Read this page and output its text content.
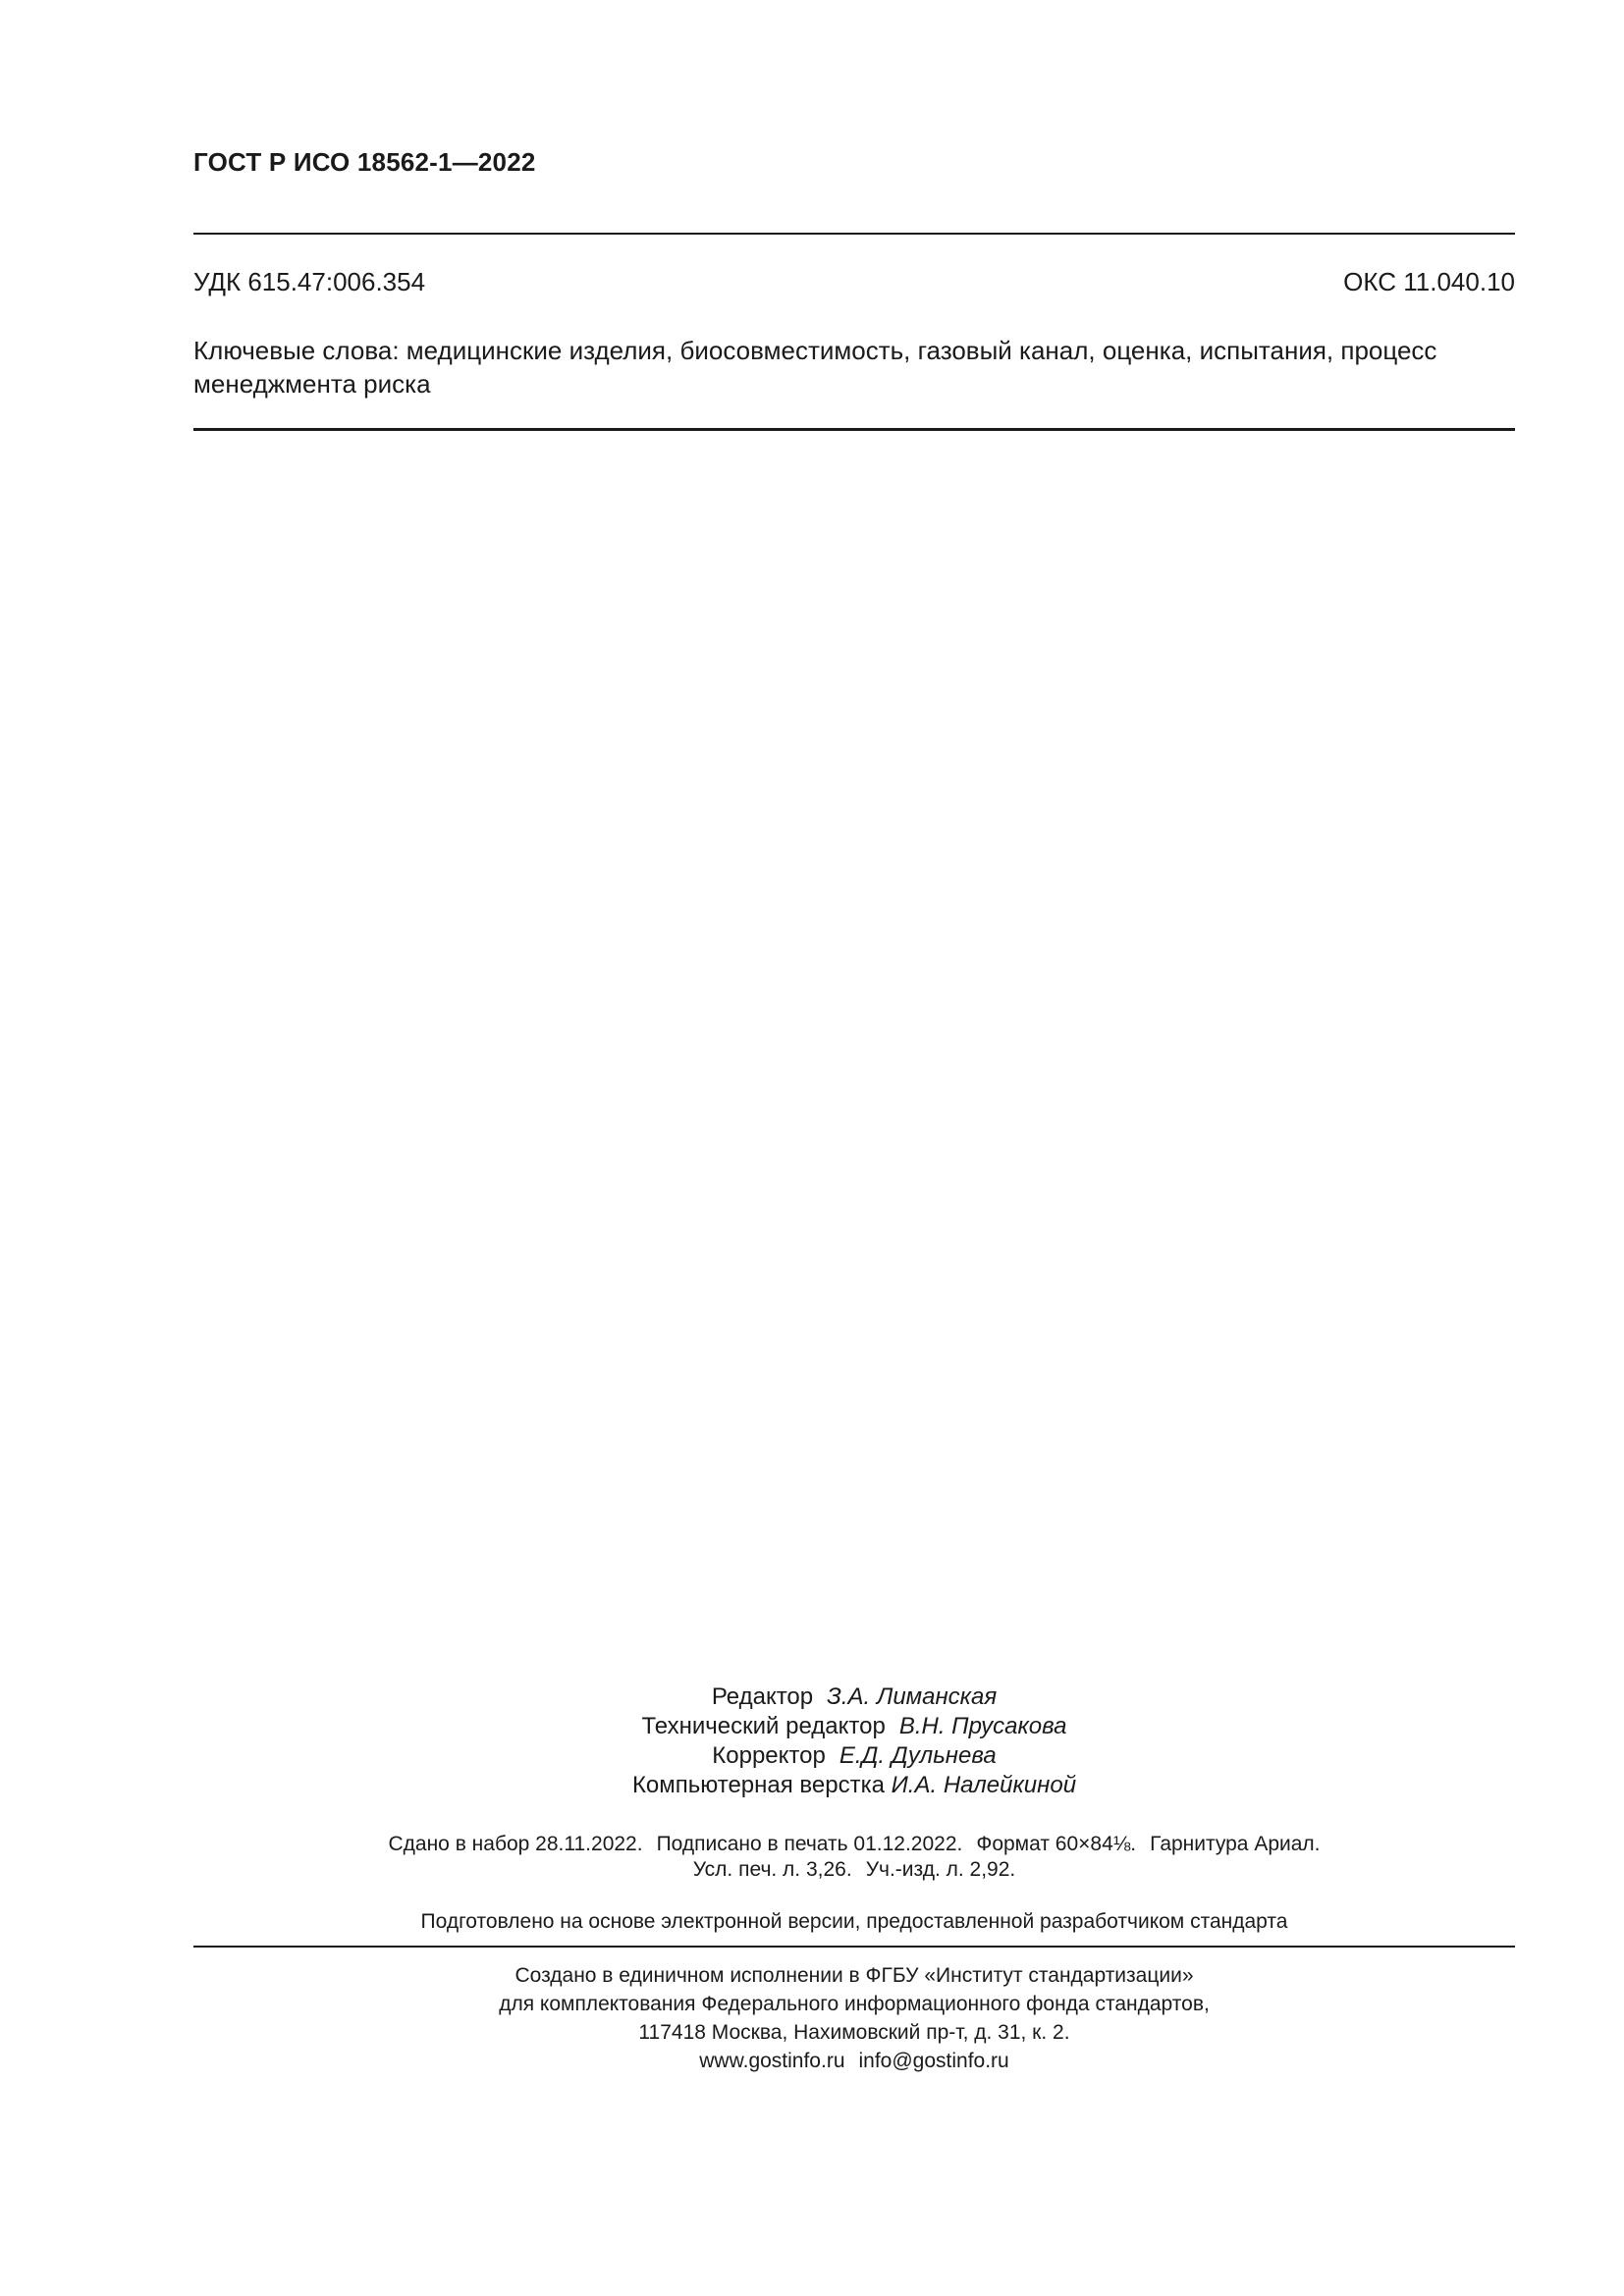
ГОСТ Р ИСО 18562-1—2022
УДК 615.47:006.354	ОКС 11.040.10
Ключевые слова: медицинские изделия, биосовместимость, газовый канал, оценка, испытания, процесс менеджмента риска
Редактор З.А. Лиманская
Технический редактор В.Н. Прусакова
Корректор Е.Д. Дульнева
Компьютерная верстка И.А. Налейкиной
Сдано в набор 28.11.2022. Подписано в печать 01.12.2022. Формат 60×84⅛. Гарнитура Ариал.
Усл. печ. л. 3,26. Уч.-изд. л. 2,92.
Подготовлено на основе электронной версии, предоставленной разработчиком стандарта
Создано в единичном исполнении в ФГБУ «Институт стандартизации»
для комплектования Федерального информационного фонда стандартов,
117418 Москва, Нахимовский пр-т, д. 31, к. 2.
www.gostinfo.ru info@gostinfo.ru
